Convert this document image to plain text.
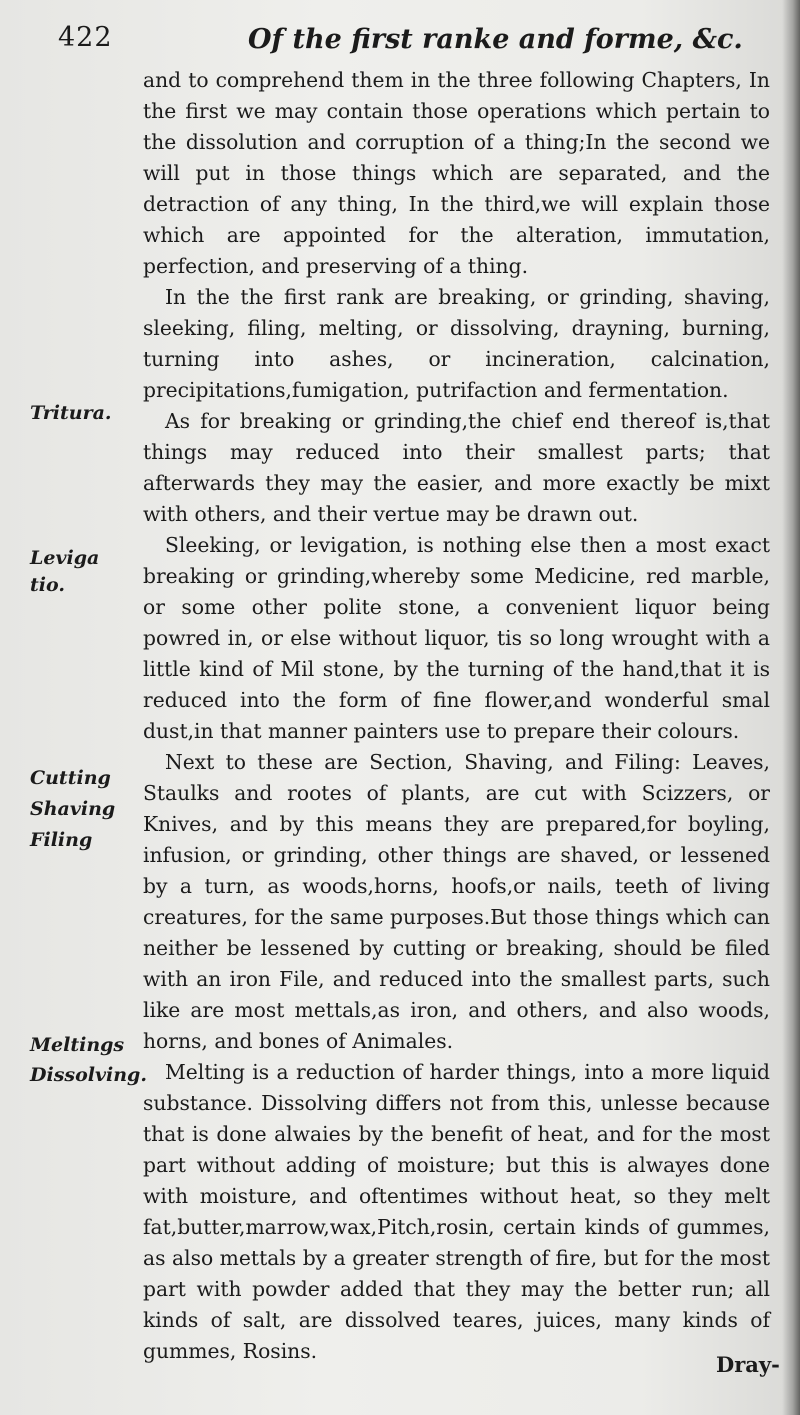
422	Of the first ranke and forme, &c.

and to comprehend them in the three following Chapters, In the first we may contain those operations which pertain to the dissolution and corruption of a thing;In the second we will put in those things which are separated, and the detraction of any thing, In the third,we will explain those which are appointed for the alteration, immutation, perfection, and preserving of a thing.

In the the first rank are breaking, or grinding, shaving, sleeking, filing, melting, or dissolving, drayning, burning, turning into ashes, or incineration, calcination, precipitations,fumigation, putrifaction and fermentation.

As for breaking or grinding,the chief end thereof is,that things may reduced into their smallest parts; that afterwards they may the easier, and more exactly be mixt with others, and their vertue may be drawn out.

Sleeking, or levigation, is nothing else then a most exact breaking or grinding,whereby some Medicine, red marble, or some other polite stone, a convenient liquor being powred in, or else without liquor, tis so long wrought with a little kind of Mil stone, by the turning of the hand,that it is reduced into the form of fine flower,and wonderful smal dust,in that manner painters use to prepare their colours.

Next to these are Section, Shaving, and Filing: Leaves, Staulks and rootes of plants, are cut with Scizzers, or Knives, and by this means they are prepared,for boyling, infusion, or grinding, other things are shaved, or lessened by a turn, as woods,horns, hoofs,or nails, teeth of living creatures, for the same purposes.But those things which can neither be lessened by cutting or breaking, should be filed with an iron File, and reduced into the smallest parts, such like are most mettals,as iron, and others, and also woods, horns, and bones of Animales.

Melting is a reduction of harder things, into a more liquid substance. Dissolving differs not from this, unlesse because that is done alwaies by the benefit of heat, and for the most part without adding of moisture; but this is alwayes done with moisture, and oftentimes without heat, so they melt fat,butter,marrow,wax,Pitch,rosin, certain kinds of gummes, as also mettals by a greater strength of fire, but for the most part with powder added that they may the better run; all kinds of salt, are dissolved teares, juices, many kinds of gummes, Rosins.

Tritura.
Leviga tio.
Cutting
Shaving
Filing
Meltings
Dissolving.
Dray-
